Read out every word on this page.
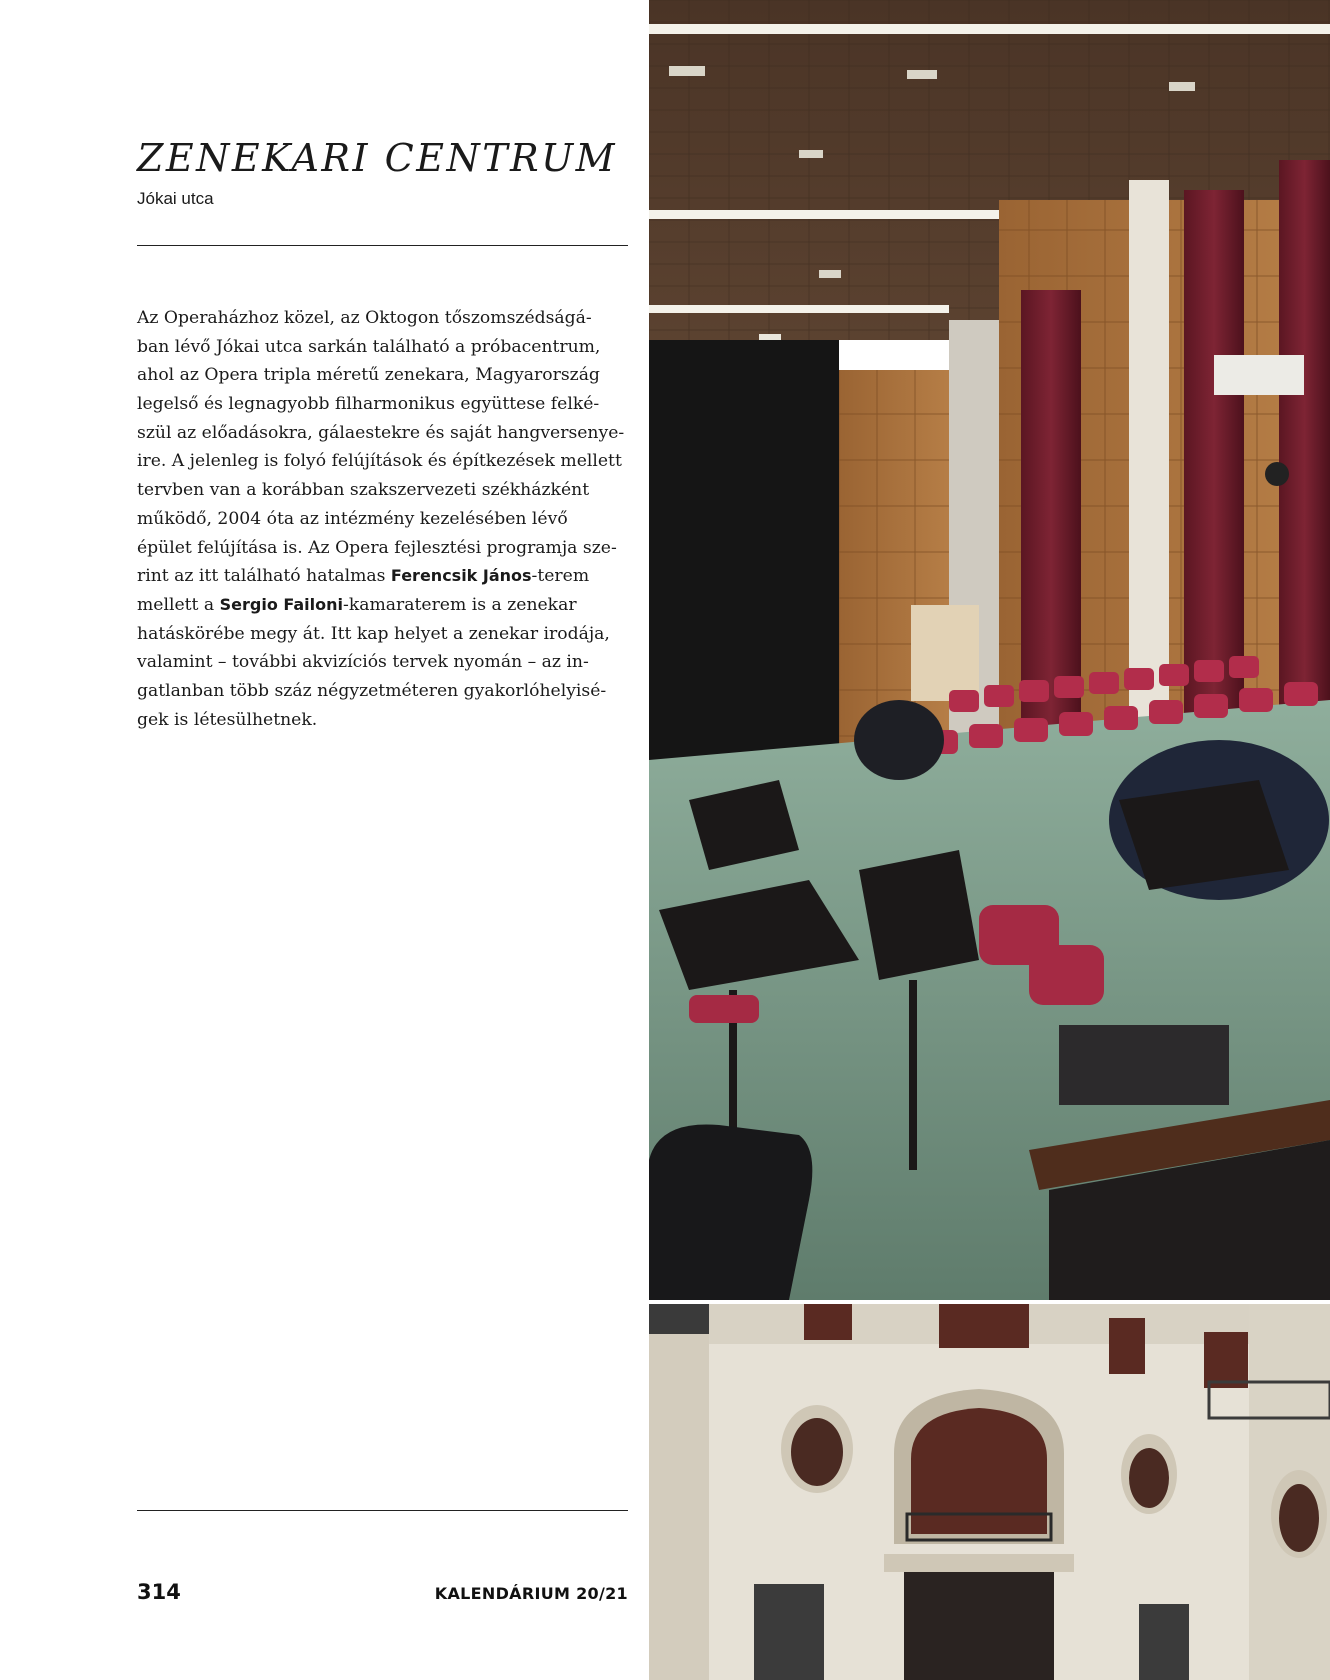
ZENEKARI CENTRUM
Jókai utca
Az Operaházhoz közel, az Oktogon tőszomszédságá-
ban lévő Jókai utca sarkán található a próbacentrum,
ahol az Opera tripla méretű zenekara, Magyarország
legelső és legnagyobb filharmonikus együttese felké-
szül az előadásokra, gálaestekre és saját hangversenye-
ire. A jelenleg is folyó felújítások és építkezések mellett
tervben van a korábban szakszervezeti székházként
működő, 2004 óta az intézmény kezelésében lévő
épület felújítása is. Az Opera fejlesztési programja sze-
rint az itt található hatalmas Ferencsik János-terem
mellett a Sergio Failoni-kamaraterem is a zenekar
hatáskörébe megy át. Itt kap helyet a zenekar irodája,
valamint – további akvizíciós tervek nyomán – az in-
gatlanban több száz négyzetméteren gyakorlóhelyisé-
gek is létesülhetnek.
314	KALENDÁRIUM 20/21
